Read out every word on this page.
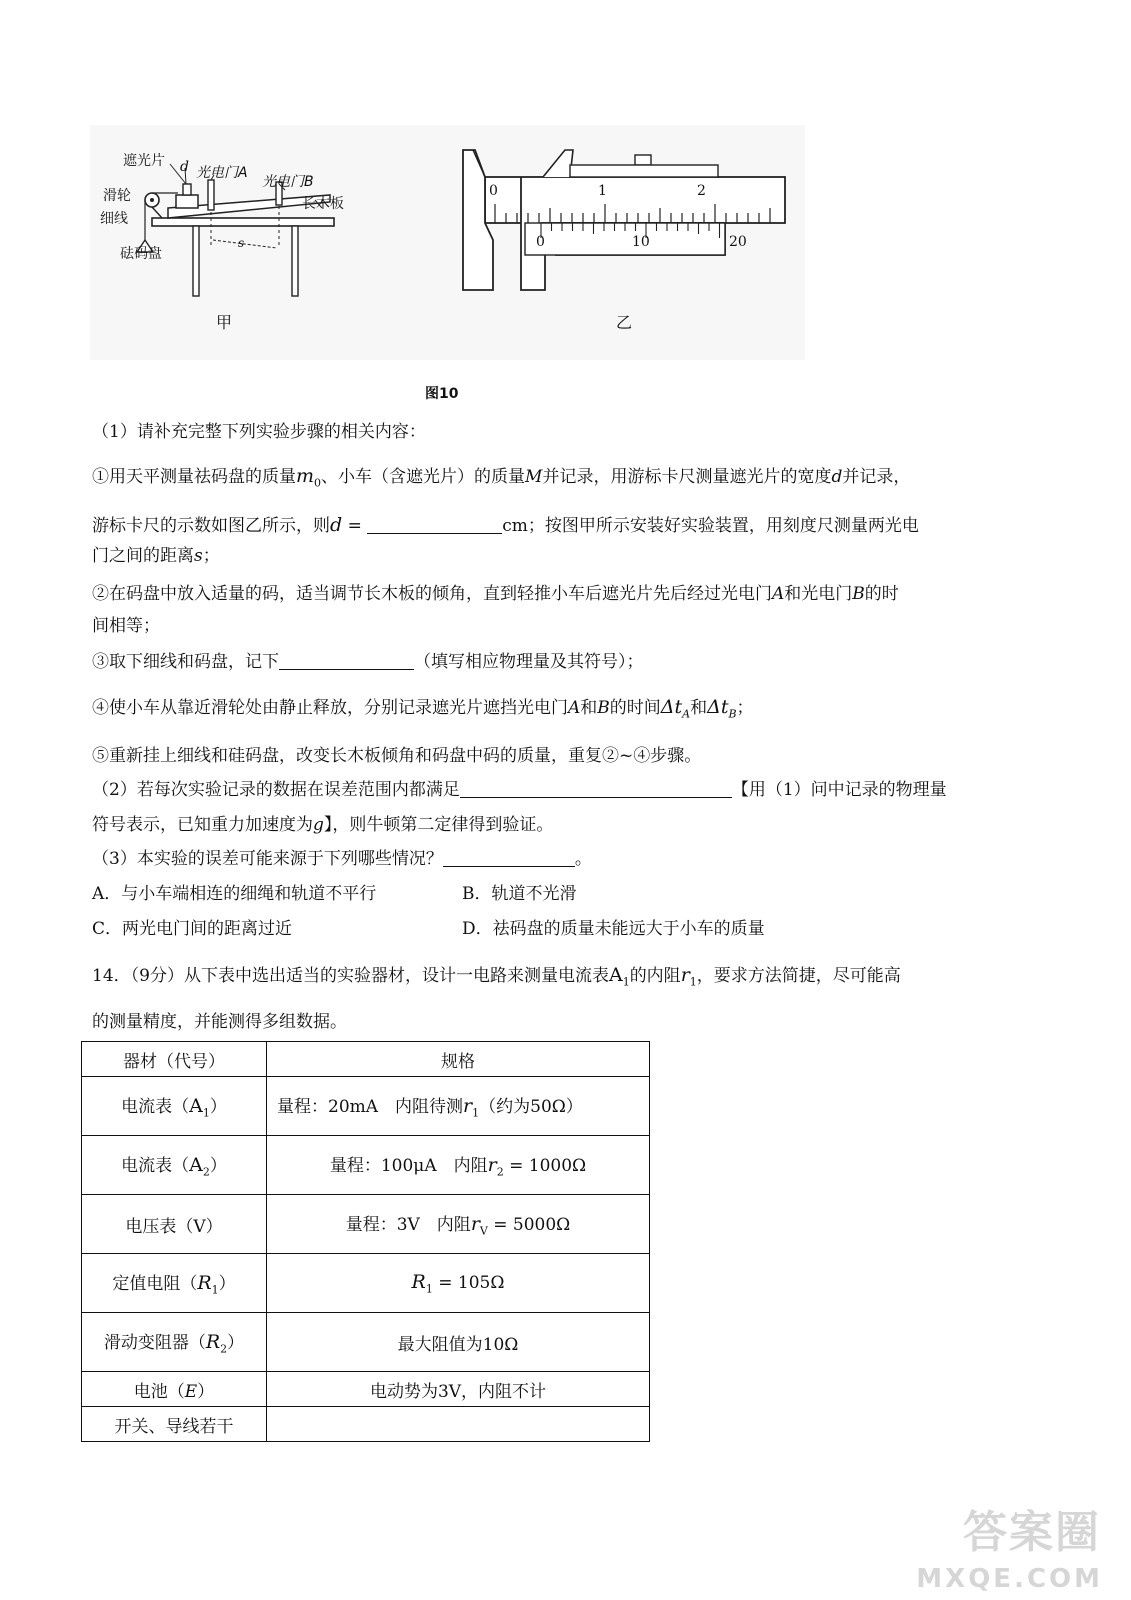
遮光片 d 光电门A
光电门B
滑轮
细线
长木板
砝码盘
s
甲
0	1	2
0	10	20
乙
图10
（1）请补充完整下列实验步骤的相关内容：
①用天平测量祛码盘的质量$m_0$、小车（含遮光片）的质量M并记录，用游标卡尺测量遮光片的宽度d并记录，
游标卡尺的示数如图乙所示，则d =	cm；按图甲所示安装好实验装置，用刻度尺测量两光电
门之间的距离s；
②在码盘中放入适量的码，适当调节长木板的倾角，直到轻推小车后遮光片先后经过光电门A和光电门B的时
间相等；
③取下细线和码盘，记下	（填写相应物理量及其符号）；
④使小车从靠近滑轮处由静止释放，分别记录遮光片遮挡光电门A和B的时间$\Delta t_A$和$\Delta t_B$；
⑤重新挂上细线和硅码盘，改变长木板倾角和码盘中码的质量，重复②~④步骤。
（2）若每次实验记录的数据在误差范围内都满足	【用（1）问中记录的物理量
符号表示，已知重力加速度为g】，则牛顿第二定律得到验证。
（3）本实验的误差可能来源于下列哪些情况？	。
A．与小车端相连的细绳和轨道不平行	B．轨道不光滑
C．两光电门间的距离过近	D．祛码盘的质量未能远大于小车的质量
14．（9分）从下表中选出适当的实验器材，设计一电路来测量电流表$A_1$的内阻$r_1$，要求方法简捷，尽可能高
的测量精度，并能测得多组数据。
器材（代号）	规格
电流表$(A_1)$	量程：20mA　内阻待测$r_1$（约为50Ω）
电流表$(A_2)$	量程：100μA　内阻$r_2 = 1000\Omega$
电压表（V）	量程：3V　内阻$r_V = 5000\Omega$
定值电阻$(R_1)$	$R_1 = 105\Omega$
滑动变阻器$(R_2)$	最大阻值为10Ω
电池（E）	电动势为3V，内阻不计
开关、导线若干	
答案圈
MXQE.COM
